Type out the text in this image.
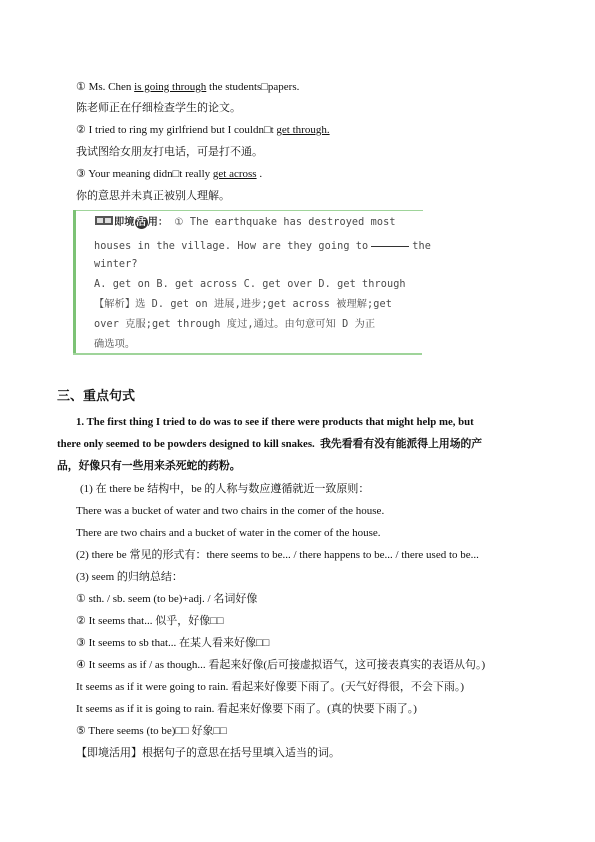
① Ms. Chen is going through the students□papers.
陈老师正在仔细检查学生的论文。
② I tried to ring my girlfriend but I couldn□t get through.
我试图给女朋友打电话，可是打不通。
③ Your meaning didn□t really get across .
你的意思并未真正被别人理解。
即境活用： ① The earthquake has destroyed most
houses in the village. How are they going to	the
winter?
A. get on B. get across C. get over D. get through
【解析】选 D. get on 进展,进步;get across 被理解;get
over 克服;get through 度过,通过。由句意可知 D 为正
确选项。
三、重点句式
1. The first thing I tried to do was to see if there were products that might help me, but
there only seemed to be powders designed to kill snakes. 我先看看有没有能派得上用场的产
品，好像只有一些用来杀死蛇的药粉。
(1) 在 there be 结构中，be 的人称与数应遵循就近一致原则：
There was a bucket of water and two chairs in the comer of the house.
There are two chairs and a bucket of water in the comer of the house.
(2) there be 常见的形式有：there seems to be... / there happens to be... / there used to be...
(3) seem 的归纳总结：
① sth. / sb. seem (to be)+adj. / 名词好像
② It seems that... 似乎，好像□□
③ It seems to sb that... 在某人看来好像□□
④ It seems as if / as though... 看起来好像(后可接虚拟语气，这可接表真实的表语从句。)
It seems as if it were going to rain. 看起来好像要下雨了。(天气好得很，不会下雨。)
It seems as if it is going to rain. 看起来好像要下雨了。(真的快要下雨了。)
⑤ There seems (to be)□□ 好象□□
【即境活用】根据句子的意思在括号里填入适当的词。
